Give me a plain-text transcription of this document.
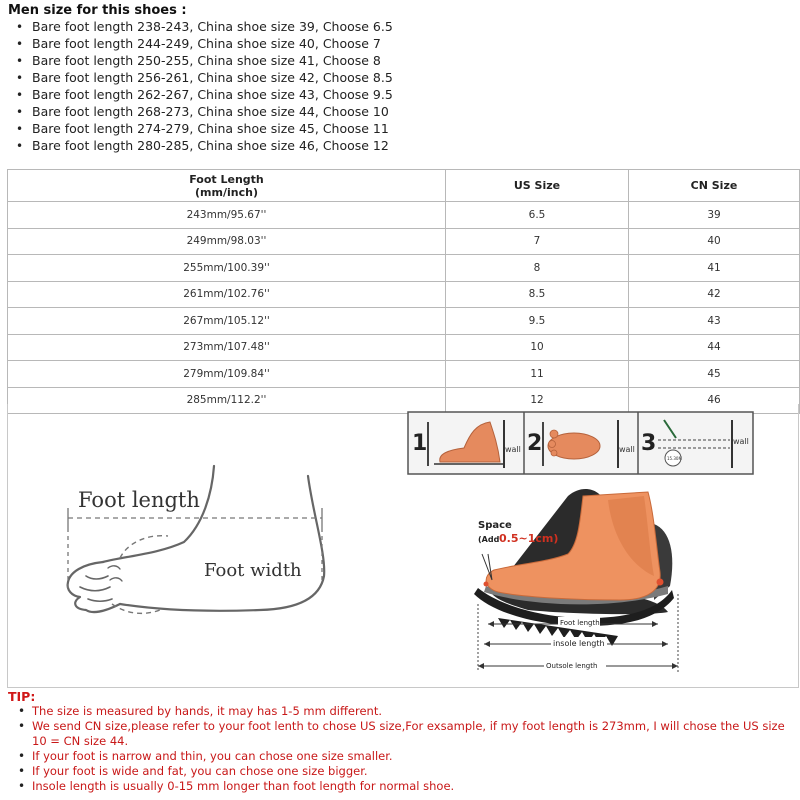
Men size for this shoes :
• Bare foot length 238-243, China shoe size 39, Choose 6.5
• Bare foot length 244-249, China shoe size 40, Choose 7
• Bare foot length 250-255, China shoe size 41, Choose 8
• Bare foot length 256-261, China shoe size 42, Choose 8.5
• Bare foot length 262-267, China shoe size 43, Choose 9.5
• Bare foot length 268-273, China shoe size 44, Choose 10
• Bare foot length 274-279, China shoe size 45, Choose 11
• Bare foot length 280-285, China shoe size 46, Choose 12
Foot Length
(mm/inch)	US Size	CN Size
243mm/95.67''	6.5	39
249mm/98.03''	7	40
255mm/100.39''	8	41
261mm/102.76''	8.5	42
267mm/105.12''	9.5	43
273mm/107.48''	10	44
279mm/109.84''	11	45
285mm/112.2''	12	46
Foot length
Foot width
1	wall 2	wall 3
15.30M
wall
Space
(Add 0.5~1cm)
Foot length
insole length
Outsole length
TIP:
• The size is measured by hands, it may has 1-5 mm different.
• We send CN size,please refer to your foot lenth to chose US size,For exsample, if my foot length is 273mm, I will chose the US size 10 = CN size 44.
• If your foot is narrow and thin, you can chose one size smaller.
• If your foot is wide and fat, you can chose one size bigger.
• Insole length is usually 0-15 mm longer than foot length for normal shoe.
